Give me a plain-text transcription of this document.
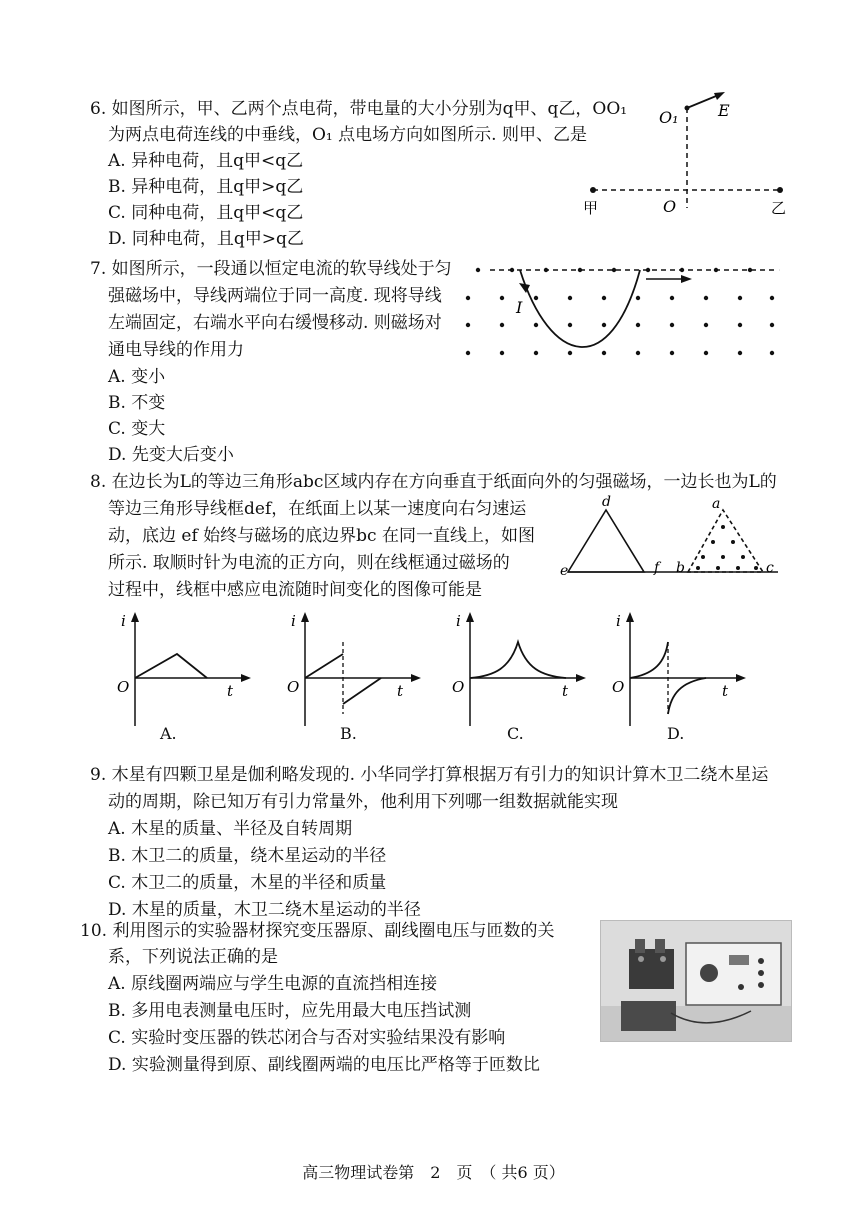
6. 如图所示，甲、乙两个点电荷，带电量的大小分别为q甲、q乙，OO₁
为两点电荷连线的中垂线，O₁ 点电场方向如图所示. 则甲、乙是
A. 异种电荷，且q甲<q乙
B. 异种电荷，且q甲>q乙
C. 同种电荷，且q甲<q乙
D. 同种电荷，且q甲>q乙
O₁ E
O
甲	乙
7. 如图所示，一段通以恒定电流的软导线处于匀
强磁场中，导线两端位于同一高度. 现将导线
左端固定，右端水平向右缓慢移动. 则磁场对
通电导线的作用力
A. 变小
B. 不变
C. 变大
D. 先变大后变小
I
8. 在边长为L的等边三角形abc区域内存在方向垂直于纸面向外的匀强磁场，一边长也为L的
等边三角形导线框def，在纸面上以某一速度向右匀速运
动，底边 ef 始终与磁场的底边界bc 在同一直线上，如图
所示. 取顺时针为电流的正方向，则在线框通过磁场的
过程中，线框中感应电流随时间变化的图像可能是
d
e	f
a
b	c
i
t
O
i
t
O
i
t
O
i
t
O
A.	B.	C.	D.
9. 木星有四颗卫星是伽利略发现的. 小华同学打算根据万有引力的知识计算木卫二绕木星运
动的周期，除已知万有引力常量外，他利用下列哪一组数据就能实现
A. 木星的质量、半径及自转周期
B. 木卫二的质量，绕木星运动的半径
C. 木卫二的质量，木星的半径和质量
D. 木星的质量，木卫二绕木星运动的半径
10. 利用图示的实验器材探究变压器原、副线圈电压与匝数的关
系，下列说法正确的是
A. 原线圈两端应与学生电源的直流挡相连接
B. 多用电表测量电压时，应先用最大电压挡试测
C. 实验时变压器的铁芯闭合与否对实验结果没有影响
D. 实验测量得到原、副线圈两端的电压比严格等于匝数比
高三物理试卷第　2　页　（ 共6 页）
